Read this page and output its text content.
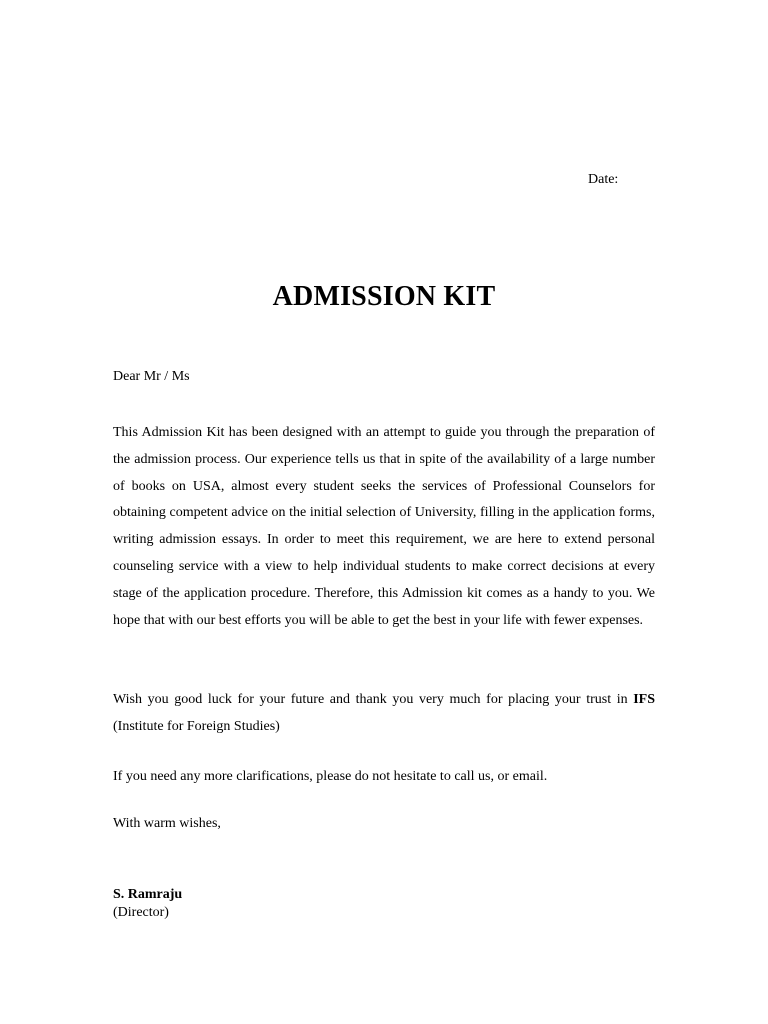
Date:
ADMISSION KIT
Dear Mr / Ms
This Admission Kit has been designed with an attempt to guide you through the preparation of the admission process. Our experience tells us that in spite of the availability of a large number of books on USA, almost every student seeks the services of Professional Counselors for obtaining competent advice on the initial selection of University, filling in the application forms, writing admission essays. In order to meet this requirement, we are here to extend personal counseling service with a view to help individual students to make correct decisions at every stage of the application procedure. Therefore, this Admission kit comes as a handy to you. We hope that with our best efforts you will be able to get the best in your life with fewer expenses.
Wish you good luck for your future and thank you very much for placing your trust in IFS (Institute for Foreign Studies)
If you need any more clarifications, please do not hesitate to call us, or email.
With warm wishes,
S. Ramraju
(Director)
